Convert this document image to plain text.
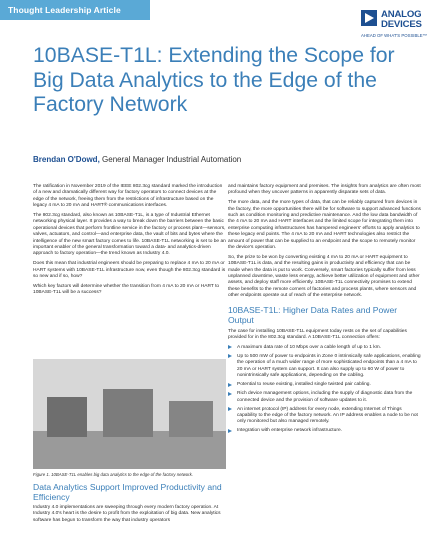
Thought Leadership Article	ANALOG
DEVICES
AHEAD OF WHAT'S POSSIBLE™
10BASE-T1L: Extending the Scope for Big Data Analytics to the Edge of the Factory Network
Brendan O'Dowd, General Manager Industrial Automation

The ratification in November 2019 of the IEEE 802.3cg standard marked the introduction of a new and dramatically different way for factory operators to connect devices at the edge of the network, freeing them from the restrictions of infrastructure based on the legacy 4 mA to 20 mA and HART® communications interfaces.

The 802.3cg standard, also known as 10BASE-T1L, is a type of Industrial Ethernet networking physical layer. It provides a way to break down the barriers between the basic operational devices that perform frontline service in the factory or process plant—sensors, valves, actuators, and control—and enterprise data, the vault of bits and bytes where the intelligence of the new smart factory comes to life. 10BASE-T1L networking is set to be an important enabler of the general transformation toward a data- and analytics-driven approach to factory operation—the trend known as Industry 4.0.

Does this mean that industrial engineers should be preparing to replace 4 mA to 20 mA or HART systems with 10BASE-T1L infrastructure now, even though the 802.3cg standard is so new and if so, how?

Which key factors will determine whether the transition from 4 mA to 20 mA or HART to 10BASE-T1L will be a success?

Figure 1. 10BASE-T1L enables big data analytics to the edge of the factory network.
Data Analytics Support Improved Productivity and Efficiency
Industry 4.0 implementations are sweeping through every modern factory operation. At Industry 4.0's heart is the desire to profit from the exploitation of big data. New analytics software has begun to transform the way that industry operators

and maintains factory equipment and premises. The insights from analytics are often most profound when they uncover patterns in apparently disparate sets of data.

The more data, and the more types of data, that can be reliably captured from devices in the factory, the more opportunities there will be for software to support advanced functions such as condition monitoring and predictive maintenance. And the low data bandwidth of the 4 mA to 20 mA and HART interfaces and the limited scope for integrating them into enterprise computing infrastructures has hampered engineers' efforts to apply analytics to these legacy end points. The 4 mA to 20 mA and HART technologies also restrict the amount of power that can be supplied to an endpoint and the scope to remotely monitor the device's operation.

So, the prize to be won by converting existing 4 mA to 20 mA or HART equipment to 10BASE-T1L is data, and the resulting gains in productivity and efficiency that can be made when the data is put to work. Conversely, smart factories typically suffer from less unplanned downtime, waste less energy, achieve better utilization of equipment and other assets, and deploy staff more efficiently. 10BASE-T1L connectivity promises to extend these benefits to the remote corners of factories and process plants, where sensors and other endpoints operate out of reach of the enterprise network.

10BASE-T1L: Higher Data Rates and Power Output

The case for installing 10BASE-T1L equipment today rests on the set of capabilities provided for in the 802.3cg standard. A 10BASE-T1L connection offers:

A maximum data rate of 10 Mbps over a cable length of up to 1 km.
Up to 500 mW of power to endpoints in Zone 0 intrinsically safe applications, enabling the operation of a much wider range of more sophisticated endpoints than a 4 mA to 20 mA or HART system can support. It can also supply up to 60 W of power to nonintrinsically safe applications, depending on the cabling.
Potential to reuse existing, installed single twisted pair cabling.
Rich device management options, including the supply of diagnostic data from the connected device and the provision of software updates to it.
An internet protocol (IP) address for every node, extending Internet of Things capability to the edge of the factory network. An IP address enables a node to be not only monitored but also managed remotely.
Integration with enterprise network infrastructure.
